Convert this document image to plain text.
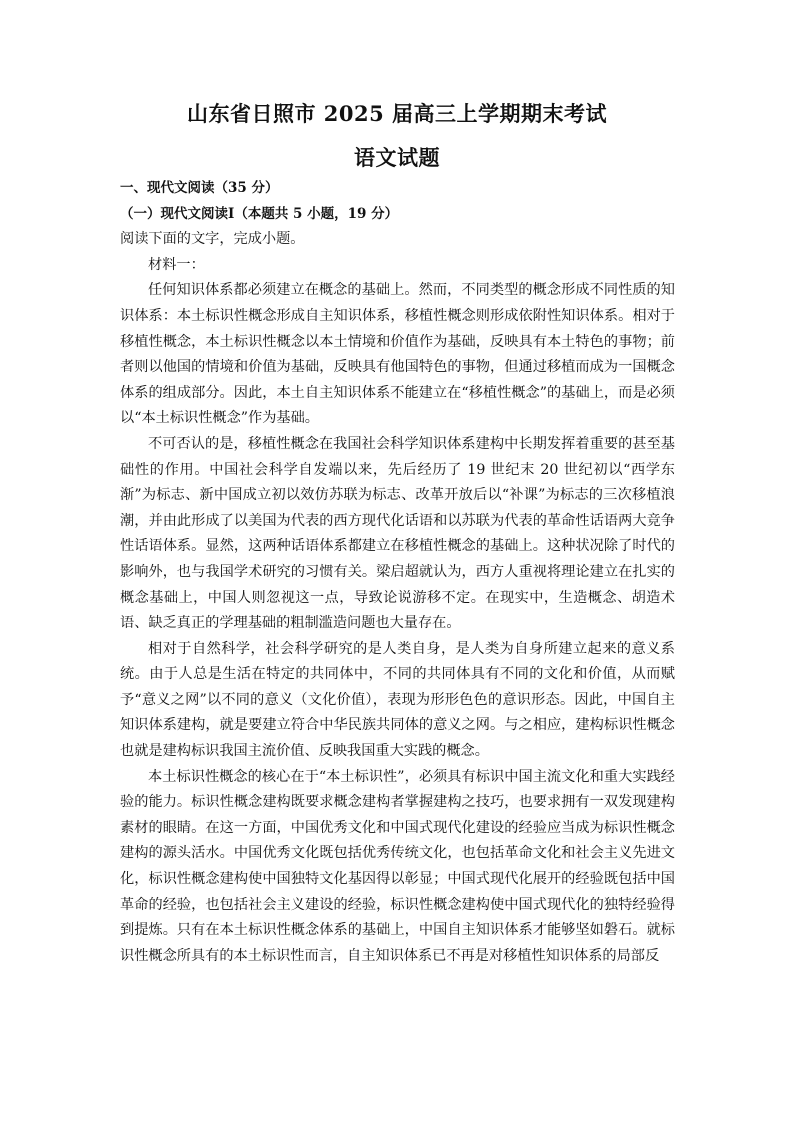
山东省日照市 2025 届高三上学期期末考试
语文试题

一、现代文阅读（35 分）

（一）现代文阅读Ⅰ（本题共 5 小题，19 分）

阅读下面的文字，完成小题。

材料一：

任何知识体系都必须建立在概念的基础上。然而，不同类型的概念形成不同性质的知识体系：本土标识性概念形成自主知识体系，移植性概念则形成依附性知识体系。相对于移植性概念，本土标识性概念以本土情境和价值作为基础，反映具有本土特色的事物；前者则以他国的情境和价值为基础，反映具有他国特色的事物，但通过移植而成为一国概念体系的组成部分。因此，本土自主知识体系不能建立在“移植性概念”的基础上，而是必须以“本土标识性概念”作为基础。

不可否认的是，移植性概念在我国社会科学知识体系建构中长期发挥着重要的甚至基础性的作用。中国社会科学自发端以来，先后经历了 19 世纪末 20 世纪初以“西学东渐”为标志、新中国成立初以效仿苏联为标志、改革开放后以“补课”为标志的三次移植浪潮，并由此形成了以美国为代表的西方现代化话语和以苏联为代表的革命性话语两大竞争性话语体系。显然，这两种话语体系都建立在移植性概念的基础上。这种状况除了时代的影响外，也与我国学术研究的习惯有关。梁启超就认为，西方人重视将理论建立在扎实的概念基础上，中国人则忽视这一点，导致论说游移不定。在现实中，生造概念、胡造术语、缺乏真正的学理基础的粗制滥造问题也大量存在。

相对于自然科学，社会科学研究的是人类自身，是人类为自身所建立起来的意义系统。由于人总是生活在特定的共同体中，不同的共同体具有不同的文化和价值，从而赋予“意义之网”以不同的意义（文化价值），表现为形形色色的意识形态。因此，中国自主知识体系建构，就是要建立符合中华民族共同体的意义之网。与之相应，建构标识性概念也就是建构标识我国主流价值、反映我国重大实践的概念。

本土标识性概念的核心在于“本土标识性”，必须具有标识中国主流文化和重大实践经验的能力。标识性概念建构既要求概念建构者掌握建构之技巧，也要求拥有一双发现建构素材的眼睛。在这一方面，中国优秀文化和中国式现代化建设的经验应当成为标识性概念建构的源头活水。中国优秀文化既包括优秀传统文化，也包括革命文化和社会主义先进文化，标识性概念建构使中国独特文化基因得以彰显；中国式现代化展开的经验既包括中国革命的经验，也包括社会主义建设的经验，标识性概念建构使中国式现代化的独特经验得到提炼。只有在本土标识性概念体系的基础上，中国自主知识体系才能够坚如磐石。就标识性概念所具有的本土标识性而言，自主知识体系已不再是对移植性知识体系的局部反
